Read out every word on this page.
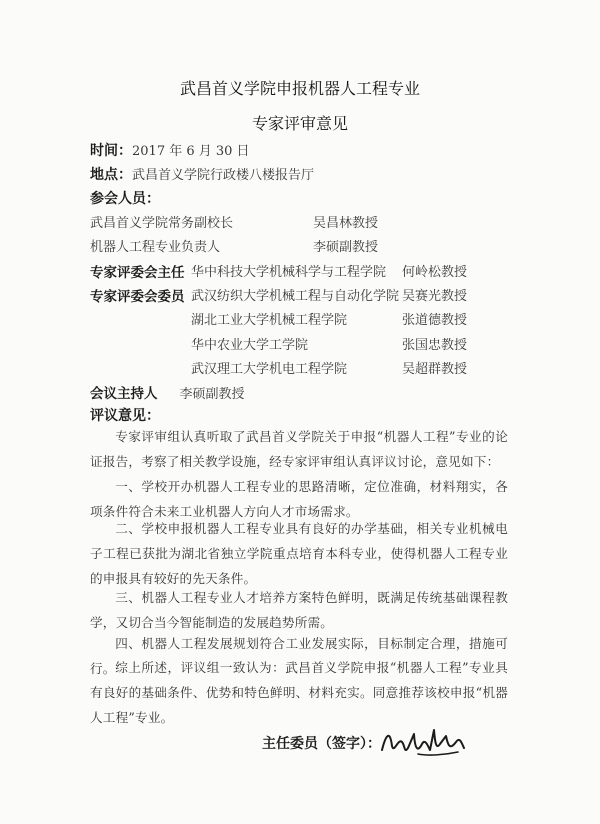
武昌首义学院申报机器人工程专业
专家评审意见
时间：2017 年 6 月 30 日
地点：武昌首义学院行政楼八楼报告厅
参会人员：
武昌首义学院常务副校长	吴昌林教授
机器人工程专业负责人	李硕副教授
专家评委会主任 华中科技大学机械科学与工程学院 何岭松教授
专家评委会委员 武汉纺织大学机械工程与自动化学院 吴赛光教授
湖北工业大学机械工程学院	张道德教授
华中农业大学工学院	张国忠教授
武汉理工大学机电工程学院	吴超群教授
会议主持人 李硕副教授
评议意见：
专家评审组认真听取了武昌首义学院关于申报“机器人工程”专业的论证报告，考察了相关教学设施，经专家评审组认真评议讨论，意见如下：
一、学校开办机器人工程专业的思路清晰，定位准确，材料翔实，各项条件符合未来工业机器人方向人才市场需求。
二、学校申报机器人工程专业具有良好的办学基础，相关专业机械电子工程已获批为湖北省独立学院重点培育本科专业，使得机器人工程专业的申报具有较好的先天条件。
三、机器人工程专业人才培养方案特色鲜明，既满足传统基础课程教学，又切合当今智能制造的发展趋势所需。
四、机器人工程发展规划符合工业发展实际，目标制定合理，措施可行。 综上所述，评议组一致认为：武昌首义学院申报“机器人工程”专业具有良好的基础条件、优势和特色鲜明、材料充实。同意推荐该校申报“机器人工程”专业。
主任委员（签字）：
